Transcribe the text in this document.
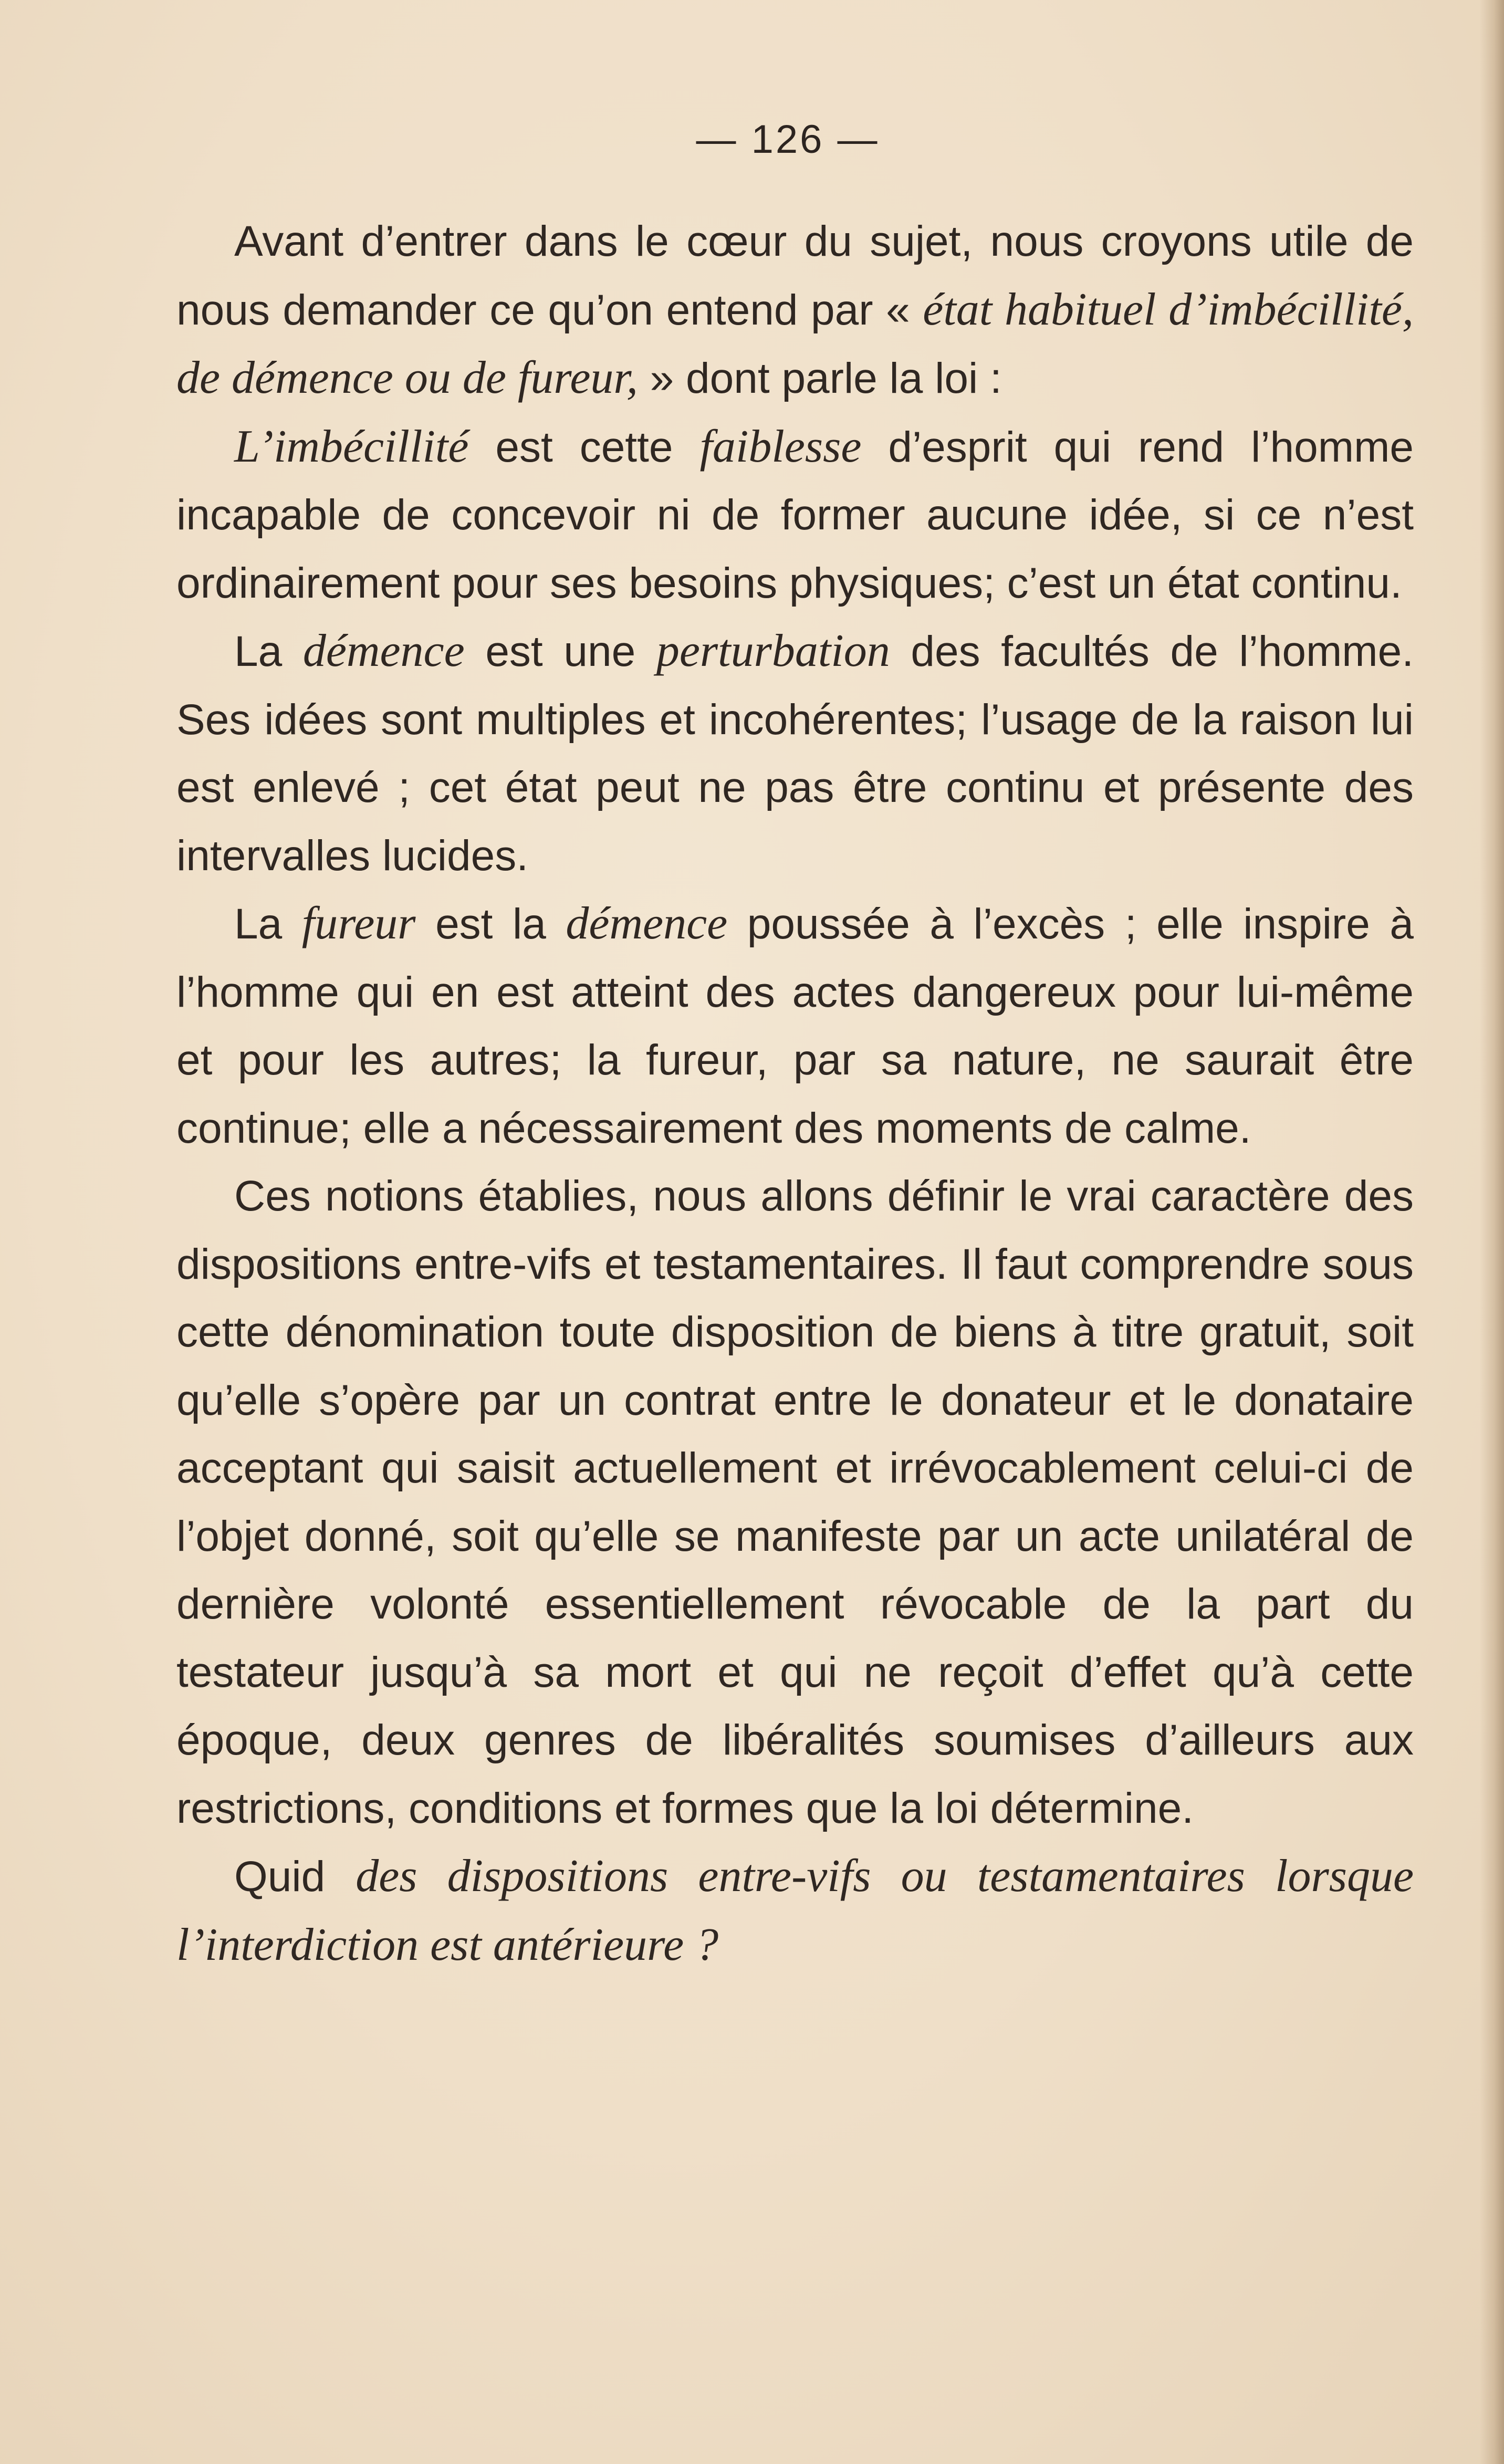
— 126 —

Avant d’entrer dans le cœur du sujet, nous croyons utile de nous demander ce qu’on entend par « état habituel d’imbécillité, de démence ou de fureur, » dont parle la loi :

L’imbécillité est cette faiblesse d’esprit qui rend l’homme incapable de concevoir ni de former aucune idée, si ce n’est ordinairement pour ses besoins physiques; c’est un état continu.

La démence est une perturbation des facultés de l’homme. Ses idées sont multiples et incohérentes; l’usage de la raison lui est enlevé ; cet état peut ne pas être continu et présente des intervalles lucides.

La fureur est la démence poussée à l’excès ; elle inspire à l’homme qui en est atteint des actes dangereux pour lui-même et pour les autres; la fureur, par sa nature, ne saurait être continue; elle a nécessairement des moments de calme.

Ces notions établies, nous allons définir le vrai caractère des dispositions entre-vifs et testamentaires. Il faut comprendre sous cette dénomination toute disposition de biens à titre gratuit, soit qu’elle s’opère par un contrat entre le donateur et le donataire acceptant qui saisit actuellement et irrévocablement celui-ci de l’objet donné, soit qu’elle se manifeste par un acte unilatéral de dernière volonté essentiellement révocable de la part du testateur jusqu’à sa mort et qui ne reçoit d’effet qu’à cette époque, deux genres de libéralités soumises d’ailleurs aux restrictions, conditions et formes que la loi détermine.

Quid des dispositions entre-vifs ou testamentaires lorsque l’interdiction est antérieure ?
